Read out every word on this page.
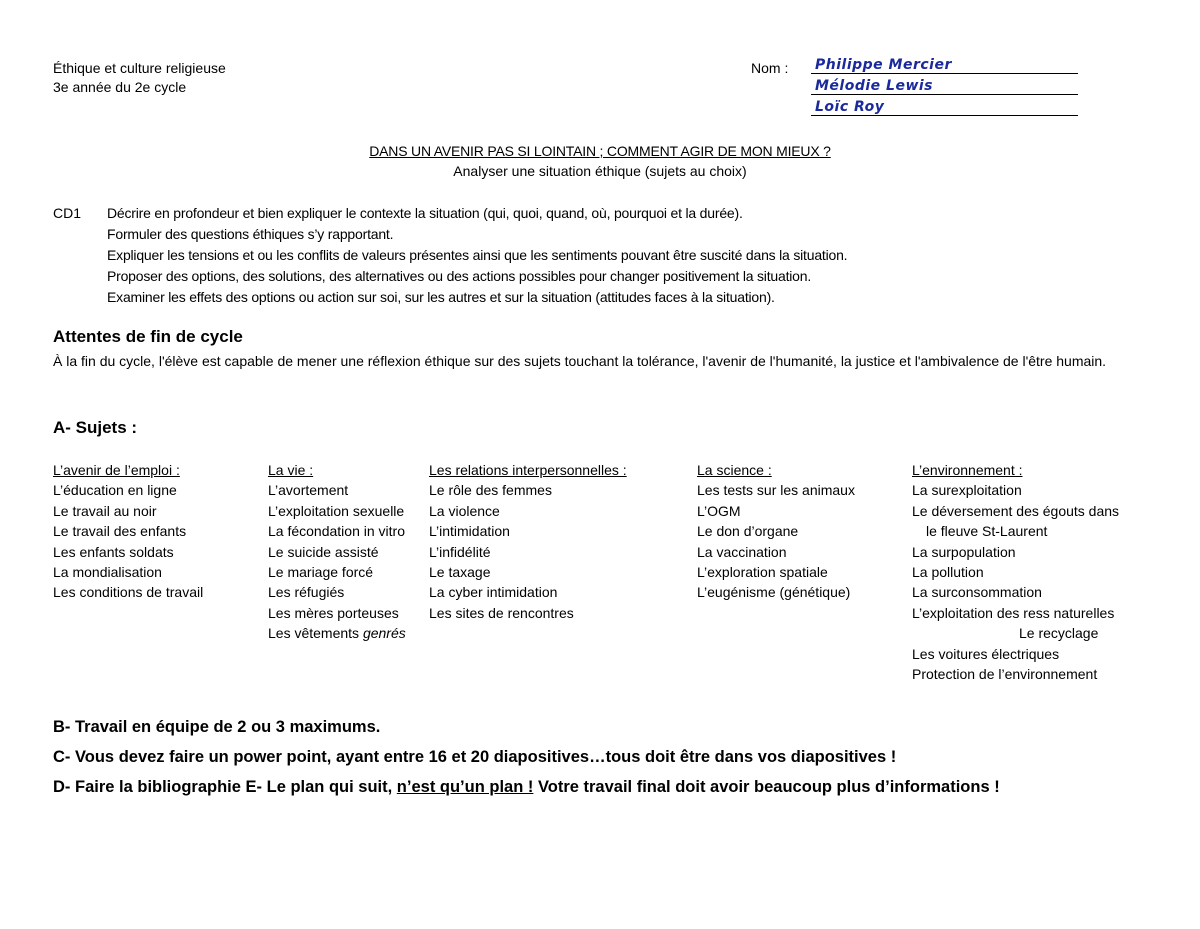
Éthique et culture religieuse
3e année du 2e cycle
Nom : Philippe Mercier
Mélodie Lewis
Loïc Roy
DANS UN AVENIR PAS SI LOINTAIN ; COMMENT AGIR DE MON MIEUX ?
Analyser une situation éthique (sujets au choix)
CD1 Décrire en profondeur et bien expliquer le contexte la situation (qui, quoi, quand, où, pourquoi et la durée).
Formuler des questions éthiques s’y rapportant.
Expliquer les tensions et ou les conflits de valeurs présentes ainsi que les sentiments pouvant être suscité dans la situation.
Proposer des options, des solutions, des alternatives ou des actions possibles pour changer positivement la situation.
Examiner les effets des options ou action sur soi, sur les autres et sur la situation (attitudes faces à la situation).
Attentes de fin de cycle
À la fin du cycle, l'élève est capable de mener une réflexion éthique sur des sujets touchant la tolérance, l'avenir de l'humanité, la justice et l'ambivalence de l'être humain.
A- Sujets :
L’avenir de l’emploi :
L’éducation en ligne
Le travail au noir
Le travail des enfants
Les enfants soldats
La mondialisation
Les conditions de travail
La vie :
L’avortement
L’exploitation sexuelle
La fécondation in vitro
Le suicide assisté
Le mariage forcé
Les réfugiés
Les mères porteuses
Les vêtements genrés
Les relations interpersonnelles :
Le rôle des femmes
La violence
L’intimidation
L’infidélité
Le taxage
La cyber intimidation
Les sites de rencontres
La science :
Les tests sur les animaux
L’OGM
Le don d’organe
La vaccination
L’exploration spatiale
L’eugénisme (génétique)
L’environnement :
La surexploitation
Le déversement des égouts dans
le fleuve St-Laurent
La surpopulation
La pollution
La surconsommation
L’exploitation des ress naturelles
Le recyclage
Les voitures électriques
Protection de l’environnement
B- Travail en équipe de 2 ou 3 maximums.
C- Vous devez faire un power point, ayant entre 16 et 20 diapositives…tous doit être dans vos diapositives !
D- Faire la bibliographie E- Le plan qui suit, n’est qu’un plan ! Votre travail final doit avoir beaucoup plus d’informations !
